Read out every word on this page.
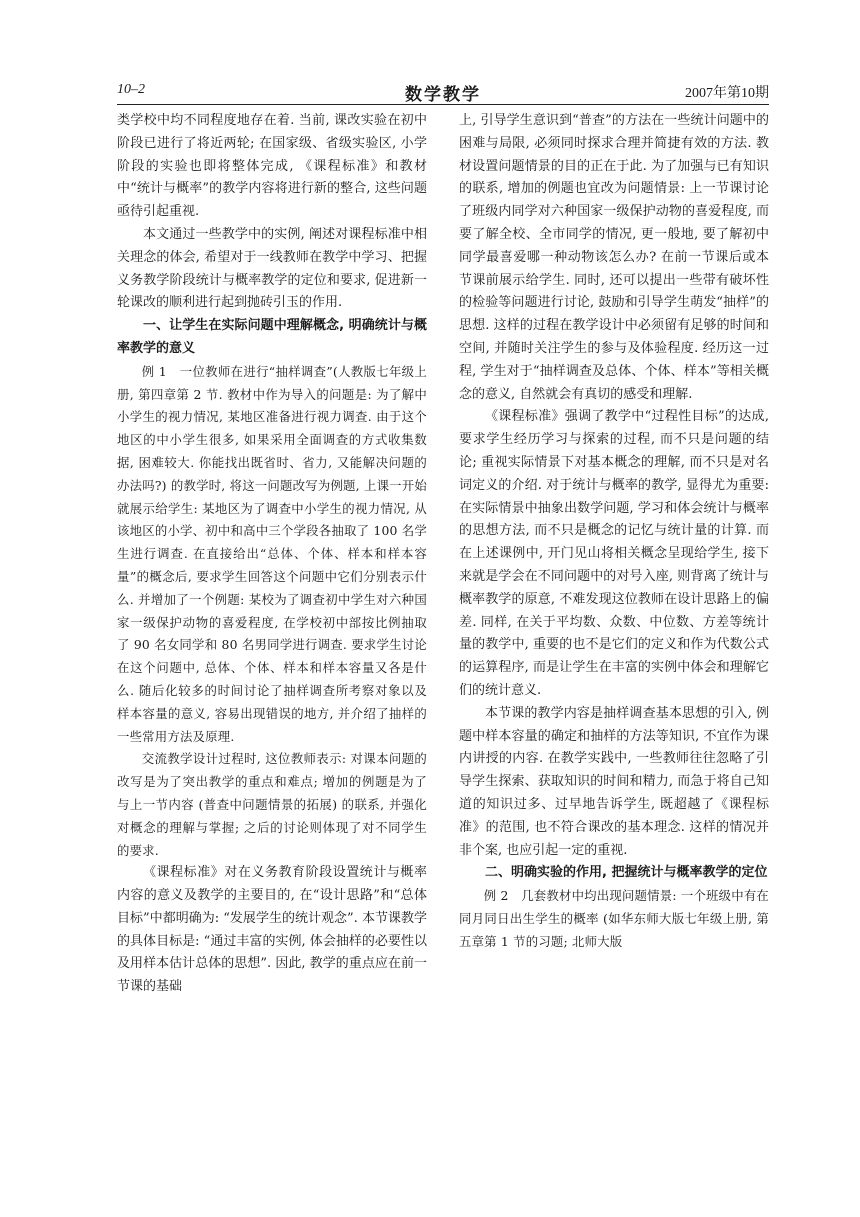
10–2	数学教学	2007年第10期

类学校中均不同程度地存在着. 当前, 课改实验在初中阶段已进行了将近两轮; 在国家级、省级实验区, 小学阶段的实验也即将整体完成, 《课程标准》和教材中“统计与概率”的教学内容将进行新的整合, 这些问题亟待引起重视.

本文通过一些教学中的实例, 阐述对课程标准中相关理念的体会, 希望对于一线教师在教学中学习、把握义务教学阶段统计与概率教学的定位和要求, 促进新一轮课改的顺利进行起到抛砖引玉的作用.

一、让学生在实际问题中理解概念, 明确统计与概率教学的意义

例 1　一位教师在进行“抽样调查”(人教版七年级上册, 第四章第 2 节. 教材中作为导入的问题是: 为了解中小学生的视力情况, 某地区准备进行视力调查. 由于这个地区的中小学生很多, 如果采用全面调查的方式收集数据, 困难较大. 你能找出既省时、省力, 又能解决问题的办法吗?) 的教学时, 将这一问题改写为例题, 上课一开始就展示给学生: 某地区为了调查中小学生的视力情况, 从该地区的小学、初中和高中三个学段各抽取了 100 名学生进行调查. 在直接给出“总体、个体、样本和样本容量”的概念后, 要求学生回答这个问题中它们分别表示什么. 并增加了一个例题: 某校为了调查初中学生对六种国家一级保护动物的喜爱程度, 在学校初中部按比例抽取了 90 名女同学和 80 名男同学进行调查. 要求学生讨论在这个问题中, 总体、个体、样本和样本容量又各是什么. 随后化较多的时间讨论了抽样调查所考察对象以及样本容量的意义, 容易出现错误的地方, 并介绍了抽样的一些常用方法及原理.

交流教学设计过程时, 这位教师表示: 对课本问题的改写是为了突出教学的重点和难点; 增加的例题是为了与上一节内容 (普查中问题情景的拓展) 的联系, 并强化对概念的理解与掌握; 之后的讨论则体现了对不同学生的要求.

《课程标准》对在义务教育阶段设置统计与概率内容的意义及教学的主要目的, 在“设计思路”和“总体目标”中都明确为: “发展学生的统计观念”. 本节课教学的具体目标是: “通过丰富的实例, 体会抽样的必要性以及用样本估计总体的思想”. 因此, 教学的重点应在前一节课的基础

上, 引导学生意识到“普查”的方法在一些统计问题中的困难与局限, 必须同时探求合理并简捷有效的方法. 教材设置问题情景的目的正在于此. 为了加强与已有知识的联系, 增加的例题也宜改为问题情景: 上一节课讨论了班级内同学对六种国家一级保护动物的喜爱程度, 而要了解全校、全市同学的情况, 更一般地, 要了解初中同学最喜爱哪一种动物该怎么办? 在前一节课后或本节课前展示给学生. 同时, 还可以提出一些带有破坏性的检验等问题进行讨论, 鼓励和引导学生萌发“抽样”的思想. 这样的过程在教学设计中必须留有足够的时间和空间, 并随时关注学生的参与及体验程度. 经历这一过程, 学生对于“抽样调查及总体、个体、样本”等相关概念的意义, 自然就会有真切的感受和理解.

《课程标准》强调了教学中“过程性目标”的达成, 要求学生经历学习与探索的过程, 而不只是问题的结论; 重视实际情景下对基本概念的理解, 而不只是对名词定义的介绍. 对于统计与概率的教学, 显得尤为重要: 在实际情景中抽象出数学问题, 学习和体会统计与概率的思想方法, 而不只是概念的记忆与统计量的计算. 而在上述课例中, 开门见山将相关概念呈现给学生, 接下来就是学会在不同问题中的对号入座, 则背离了统计与概率教学的原意, 不难发现这位教师在设计思路上的偏差. 同样, 在关于平均数、众数、中位数、方差等统计量的教学中, 重要的也不是它们的定义和作为代数公式的运算程序, 而是让学生在丰富的实例中体会和理解它们的统计意义.

本节课的教学内容是抽样调查基本思想的引入, 例题中样本容量的确定和抽样的方法等知识, 不宜作为课内讲授的内容. 在教学实践中, 一些教师往往忽略了引导学生探索、获取知识的时间和精力, 而急于将自己知道的知识过多、过早地告诉学生, 既超越了《课程标准》的范围, 也不符合课改的基本理念. 这样的情况并非个案, 也应引起一定的重视.

二、明确实验的作用, 把握统计与概率教学的定位

例 2　几套教材中均出现问题情景: 一个班级中有在同月同日出生学生的概率 (如华东师大版七年级上册, 第五章第 1 节的习题; 北师大版
